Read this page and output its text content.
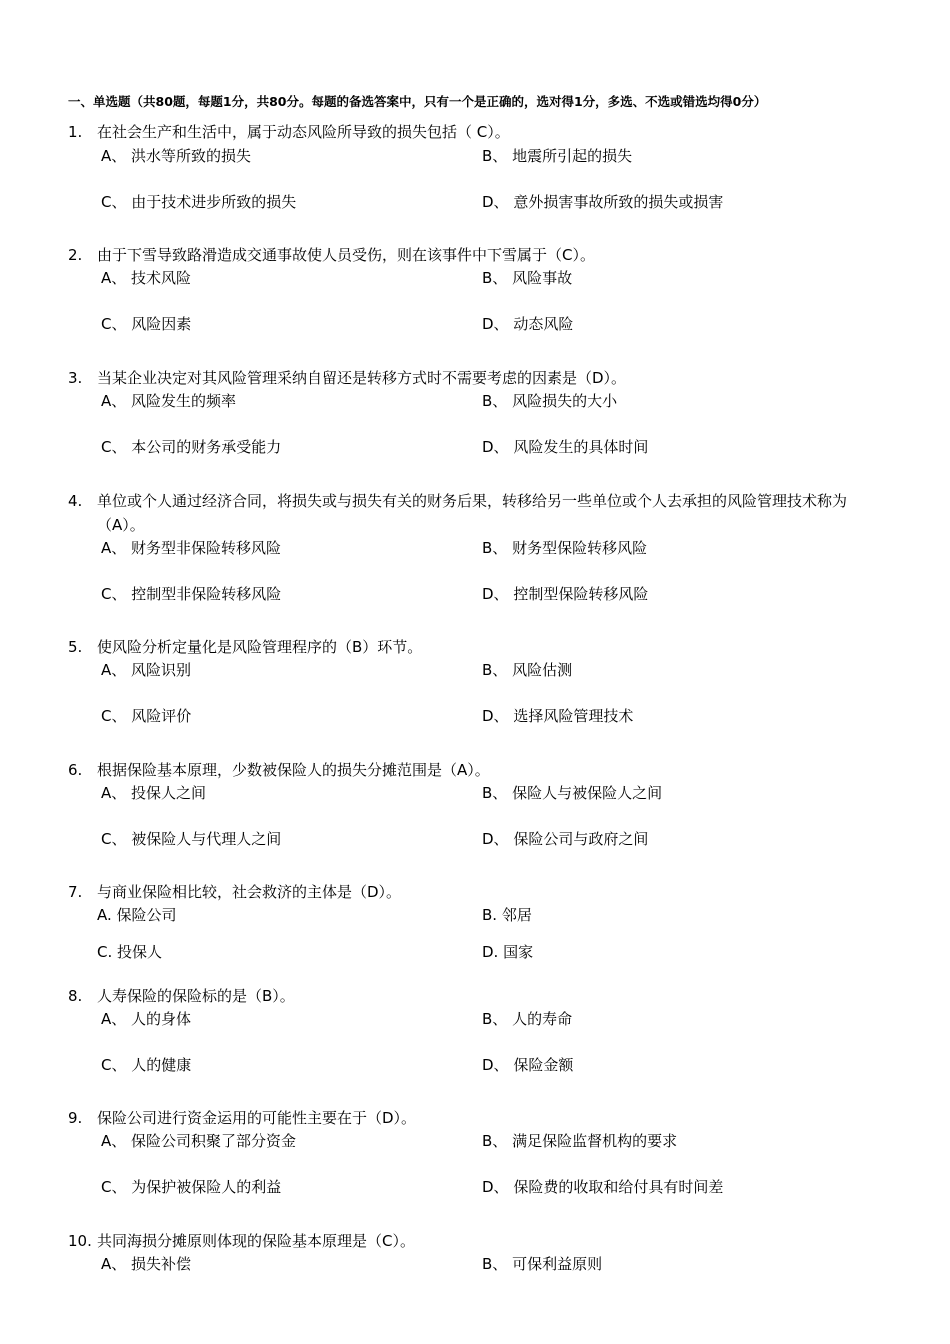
一、单选题（共80题，每题1分，共80分。每题的备选答案中，只有一个是正确的，选对得1分，多选、不选或错选均得0分）
1. 在社会生产和生活中，属于动态风险所导致的损失包括（ C）。
A、 洪水等所致的损失	B、 地震所引起的损失
C、 由于技术进步所致的损失	D、 意外损害事故所致的损失或损害
2. 由于下雪导致路滑造成交通事故使人员受伤，则在该事件中下雪属于（C）。
A、 技术风险	B、 风险事故
C、 风险因素	D、 动态风险
3. 当某企业决定对其风险管理采纳自留还是转移方式时不需要考虑的因素是（D）。
A、 风险发生的频率	B、 风险损失的大小
C、 本公司的财务承受能力	D、 风险发生的具体时间
4. 单位或个人通过经济合同，将损失或与损失有关的财务后果，转移给另一些单位或个人去承担的风险管理技术称为（A）。
A、 财务型非保险转移风险	B、 财务型保险转移风险
C、 控制型非保险转移风险	D、 控制型保险转移风险
5. 使风险分析定量化是风险管理程序的（B）环节。
A、 风险识别	B、 风险估测
C、 风险评价	D、 选择风险管理技术
6. 根据保险基本原理，少数被保险人的损失分摊范围是（A）。
A、 投保人之间	B、 保险人与被保险人之间
C、 被保险人与代理人之间	D、 保险公司与政府之间
7. 与商业保险相比较，社会救济的主体是（D）。
A. 保险公司	B. 邻居
C. 投保人	D. 国家
8. 人寿保险的保险标的是（B）。
A、 人的身体	B、 人的寿命
C、 人的健康	D、 保险金额
9. 保险公司进行资金运用的可能性主要在于（D）。
A、 保险公司积聚了部分资金	B、 满足保险监督机构的要求
C、 为保护被保险人的利益	D、 保险费的收取和给付具有时间差
10. 共同海损分摊原则体现的保险基本原理是（C）。
A、 损失补偿	B、 可保利益原则
